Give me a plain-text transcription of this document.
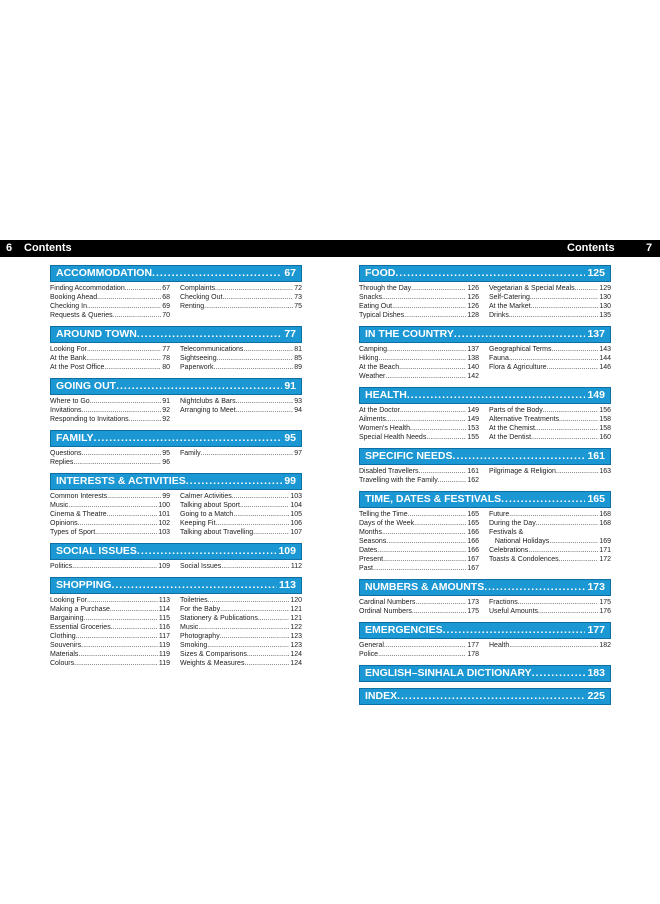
6 Contents	Contents	7
ACCOMMODATION .....	67
Finding Accommodation .....	67
Booking Ahead .....	68
Checking In .....	69
Requests & Queries .....	70
Complaints .....	72
Checking Out .....	73
Renting .....	75
AROUND TOWN .....	77
Looking For .....	77
At the Bank .....	78
At the Post Office .....	80
Telecommunications .....	81
Sightseeing .....	85
Paperwork .....	89
GOING OUT .....	91
Where to Go .....	91
Invitations .....	92
Responding to Invitations .....	92
Nightclubs & Bars .....	93
Arranging to Meet .....	94
FAMILY .....	95
Questions .....	95
Replies .....	96
Family .....	97
INTERESTS & ACTIVITIES .....	99
Common Interests .....	99
Music .....	100
Cinema & Theatre .....	101
Opinions .....	102
Types of Sport .....	103
Calmer Activities .....	103
Talking about Sport .....	104
Going to a Match .....	105
Keeping Fit .....	106
Talking about Travelling .....	107
SOCIAL ISSUES .....	109
Politics .....	109 Social Issues .....	112
SHOPPING .....	113
Looking For .....	113
Making a Purchase .....	114
Bargaining .....	115
Essential Groceries .....	116
Clothing .....	117
Souvenirs .....	119
Materials .....	119
Colours .....	119
Toiletries .....	120
For the Baby .....	121
Stationery & Publications .....	121
Music .....	122
Photography .....	123
Smoking .....	123
Sizes & Comparisons .....	124
Weights & Measures .....	124
FOOD .....	125
Through the Day .....	126
Snacks .....	126
Eating Out .....	126
Typical Dishes .....	128
Vegetarian & Special Meals .....	129
Self-Catering .....	130
At the Market .....	130
Drinks .....	135
IN THE COUNTRY .....	137
Camping .....	137
Hiking .....	138
At the Beach .....	140
Weather .....	142
Geographical Terms .....	143
Fauna .....	144
Flora & Agriculture .....	146
HEALTH .....	149
At the Doctor .....	149
Ailments .....	149
Women's Health .....	153
Special Health Needs .....	155
Parts of the Body .....	156
Alternative Treatments .....	158
At the Chemist .....	158
At the Dentist .....	160
SPECIFIC NEEDS .....	161
Disabled Travellers .....	161
Travelling with the Family .....	162
Pilgrimage & Religion .....	163
TIME, DATES & FESTIVALS .....	165
Telling the Time .....	165
Days of the Week .....	165
Months .....	166
Seasons .....	166
Dates .....	166
Present .....	167
Past .....	167
Future .....	168
During the Day .....	168
Festivals &
National Holidays .....	169
Celebrations .....	171
Toasts & Condolences .....	172
NUMBERS & AMOUNTS .....	173
Cardinal Numbers .....	173
Ordinal Numbers .....	175
Fractions .....	175
Useful Amounts .....	176
EMERGENCIES .....	177
General .....	177
Police .....	178
Health .....	182
ENGLISH–SINHALA DICTIONARY .....	183
INDEX .....	225
